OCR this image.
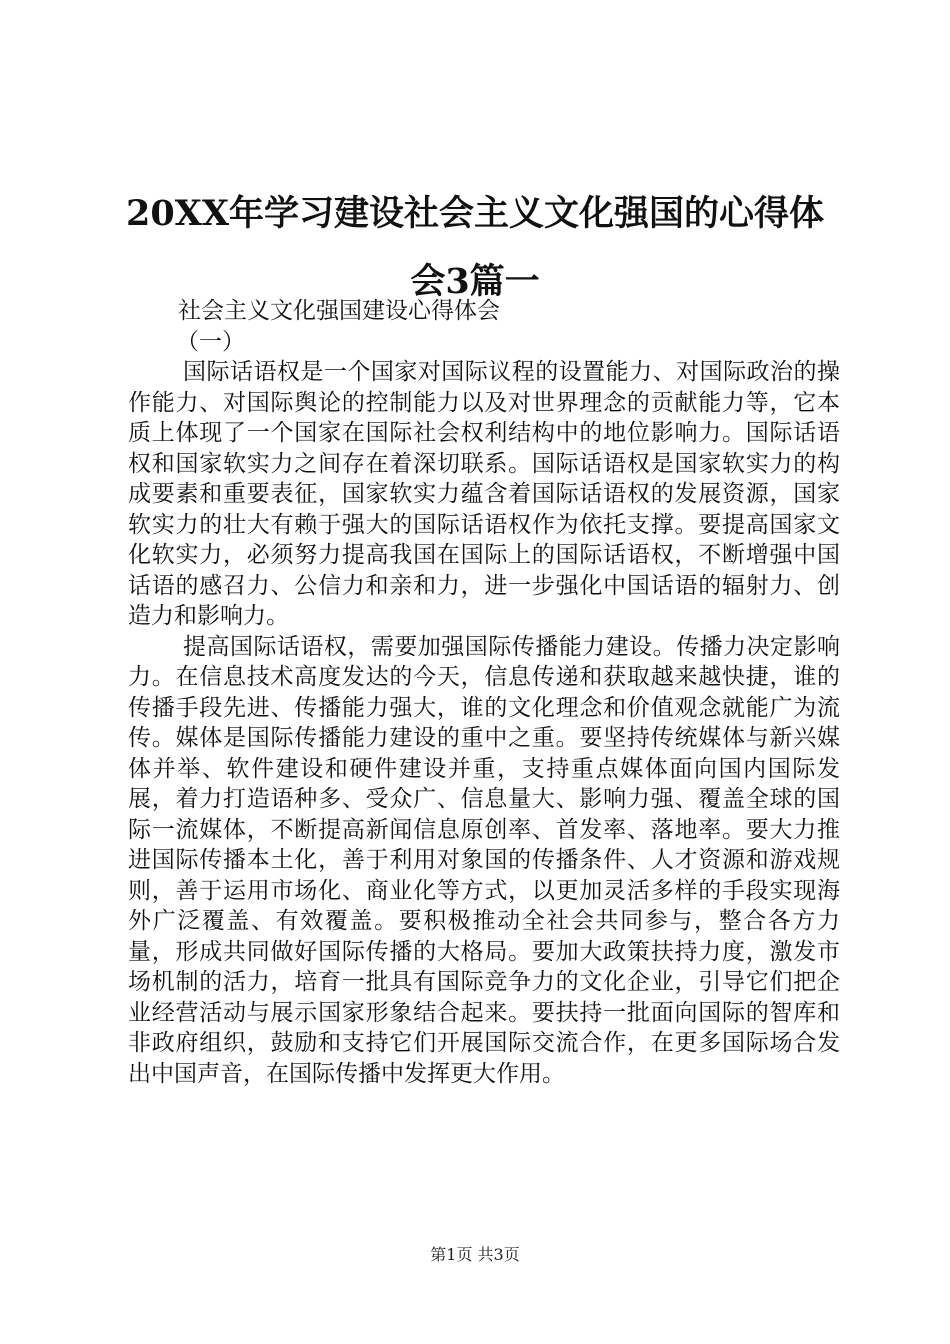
20XX年学习建设社会主义文化强国的心得体会3篇一

社会主义文化强国建设心得体会

（一）

国际话语权是一个国家对国际议程的设置能力、对国际政治的操作能力、对国际舆论的控制能力以及对世界理念的贡献能力等，它本质上体现了一个国家在国际社会权利结构中的地位影响力。国际话语权和国家软实力之间存在着深切联系。国际话语权是国家软实力的构成要素和重要表征，国家软实力蕴含着国际话语权的发展资源，国家软实力的壮大有赖于强大的国际话语权作为依托支撑。要提高国家文化软实力，必须努力提高我国在国际上的国际话语权，不断增强中国话语的感召力、公信力和亲和力，进一步强化中国话语的辐射力、创造力和影响力。

提高国际话语权，需要加强国际传播能力建设。传播力决定影响力。在信息技术高度发达的今天，信息传递和获取越来越快捷，谁的传播手段先进、传播能力强大，谁的文化理念和价值观念就能广为流传。媒体是国际传播能力建设的重中之重。要坚持传统媒体与新兴媒体并举、软件建设和硬件建设并重，支持重点媒体面向国内国际发展，着力打造语种多、受众广、信息量大、影响力强、覆盖全球的国际一流媒体，不断提高新闻信息原创率、首发率、落地率。要大力推进国际传播本土化，善于利用对象国的传播条件、人才资源和游戏规则，善于运用市场化、商业化等方式，以更加灵活多样的手段实现海外广泛覆盖、有效覆盖。要积极推动全社会共同参与，整合各方力量，形成共同做好国际传播的大格局。要加大政策扶持力度，激发市场机制的活力，培育一批具有国际竞争力的文化企业，引导它们把企业经营活动与展示国家形象结合起来。要扶持一批面向国际的智库和非政府组织，鼓励和支持它们开展国际交流合作，在更多国际场合发出中国声音，在国际传播中发挥更大作用。

第1页 共3页
